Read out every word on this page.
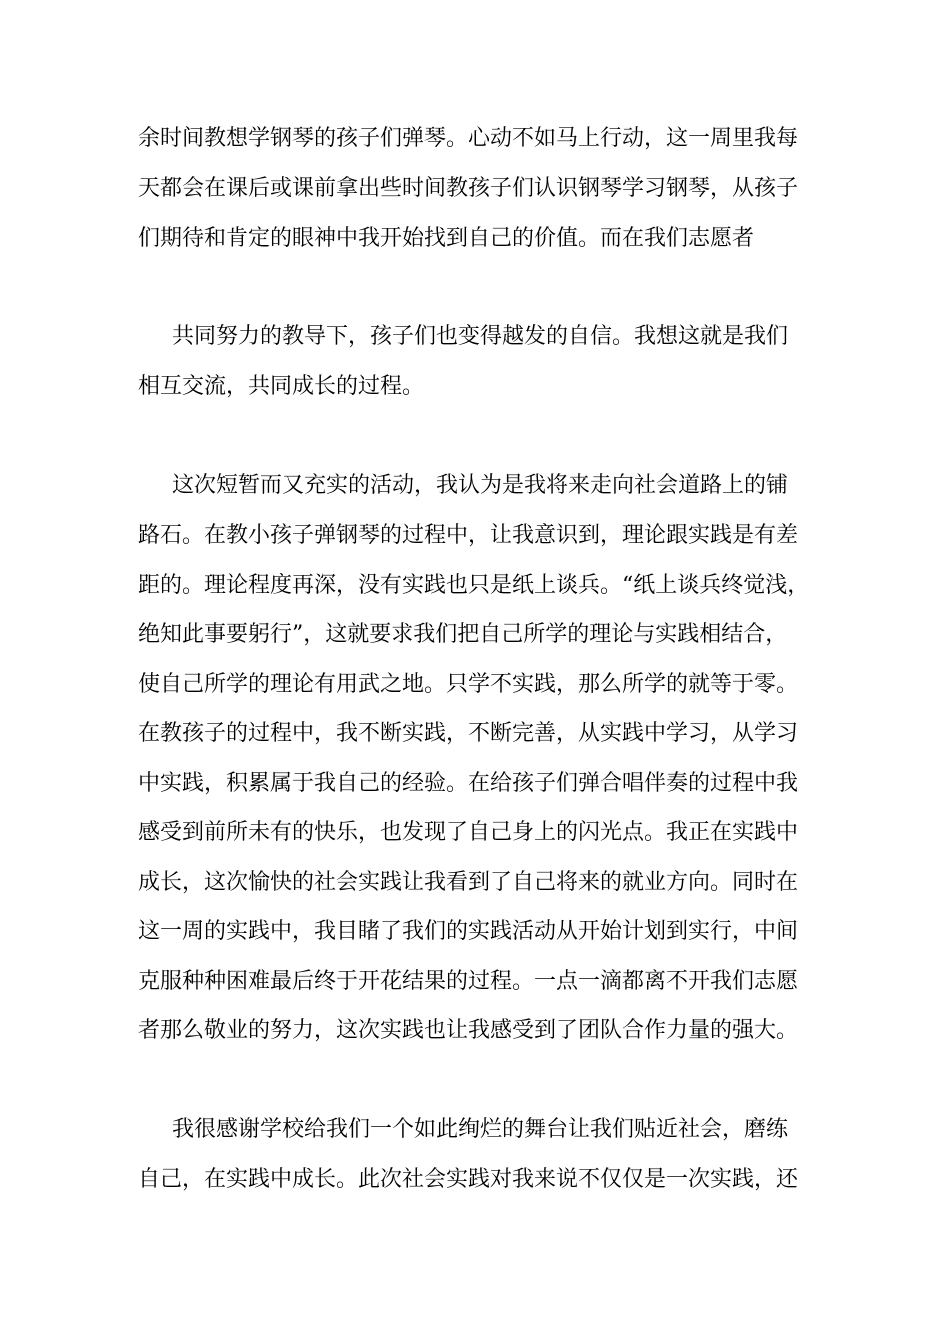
余时间教想学钢琴的孩子们弹琴。心动不如马上行动，这一周里我每

天都会在课后或课前拿出些时间教孩子们认识钢琴学习钢琴，从孩子

们期待和肯定的眼神中我开始找到自己的价值。而在我们志愿者

共同努力的教导下，孩子们也变得越发的自信。我想这就是我们

相互交流，共同成长的过程。

这次短暂而又充实的活动，我认为是我将来走向社会道路上的铺

路石。在教小孩子弹钢琴的过程中，让我意识到，理论跟实践是有差

距的。理论程度再深，没有实践也只是纸上谈兵。“纸上谈兵终觉浅，

绝知此事要躬行”，这就要求我们把自己所学的理论与实践相结合，

使自己所学的理论有用武之地。只学不实践，那么所学的就等于零。

在教孩子的过程中，我不断实践，不断完善，从实践中学习，从学习

中实践，积累属于我自己的经验。在给孩子们弹合唱伴奏的过程中我

感受到前所未有的快乐，也发现了自己身上的闪光点。我正在实践中

成长，这次愉快的社会实践让我看到了自己将来的就业方向。同时在

这一周的实践中，我目睹了我们的实践活动从开始计划到实行，中间

克服种种困难最后终于开花结果的过程。一点一滴都离不开我们志愿

者那么敬业的努力，这次实践也让我感受到了团队合作力量的强大。

我很感谢学校给我们一个如此绚烂的舞台让我们贴近社会，磨练

自己，在实践中成长。此次社会实践对我来说不仅仅是一次实践，还
